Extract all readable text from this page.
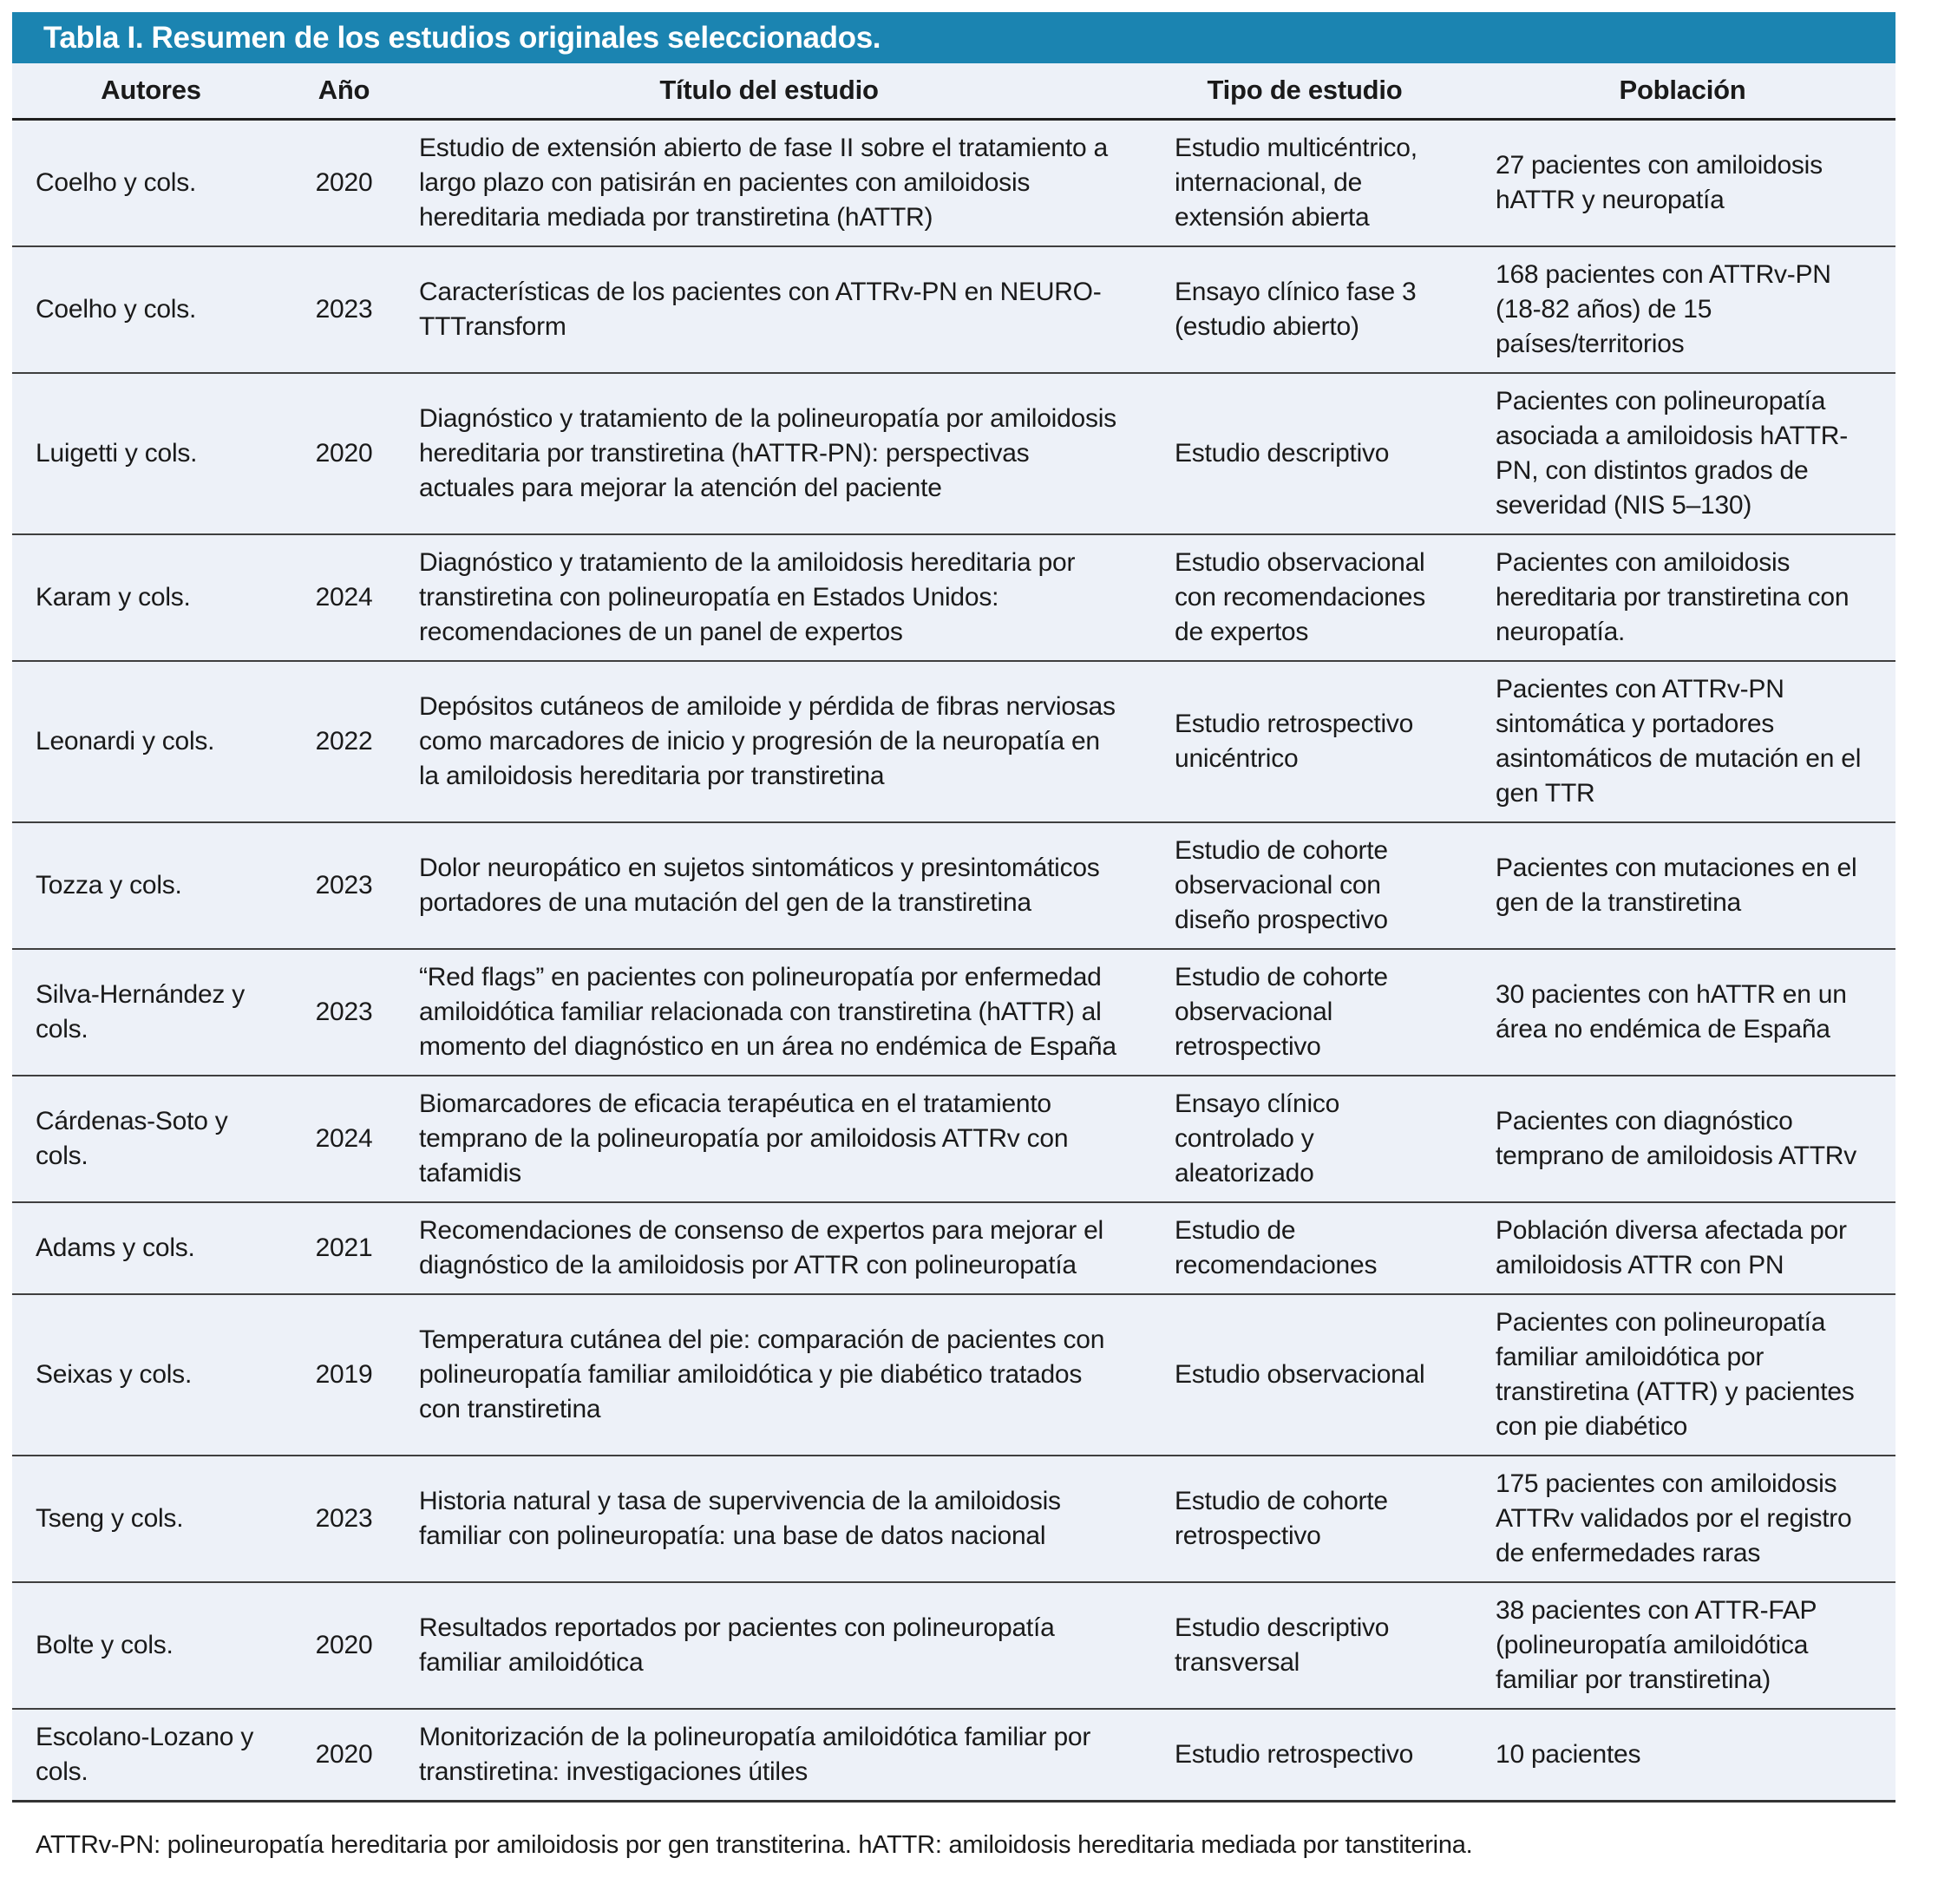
Tabla I. Resumen de los estudios originales seleccionados.
Autores	Año	Título del estudio	Tipo de estudio	Población
Coelho y cols.	2020	Estudio de extensión abierto de fase II sobre el tratamiento a largo plazo con patisirán en pacientes con amiloidosis hereditaria mediada por transtiretina (hATTR)	Estudio multicéntrico, internacional, de extensión abierta	27 pacientes con amiloidosis hATTR y neuropatía
Coelho y cols.	2023	Características de los pacientes con ATTRv-PN en NEURO-TTTransform	Ensayo clínico fase 3 (estudio abierto)	168 pacientes con ATTRv-PN (18-82 años) de 15 países/territorios
Luigetti y cols.	2020	Diagnóstico y tratamiento de la polineuropatía por amiloidosis hereditaria por transtiretina (hATTR-PN): perspectivas actuales para mejorar la atención del paciente	Estudio descriptivo	Pacientes con polineuropatía asociada a amiloidosis hATTR-PN, con distintos grados de severidad (NIS 5–130)
Karam y cols.	2024	Diagnóstico y tratamiento de la amiloidosis hereditaria por transtiretina con polineuropatía en Estados Unidos: recomendaciones de un panel de expertos	Estudio observacional con recomendaciones de expertos	Pacientes con amiloidosis hereditaria por transtiretina con neuropatía.
Leonardi y cols.	2022	Depósitos cutáneos de amiloide y pérdida de fibras nerviosas como marcadores de inicio y progresión de la neuropatía en la amiloidosis hereditaria por transtiretina	Estudio retrospectivo unicéntrico	Pacientes con ATTRv-PN sintomática y portadores asintomáticos de mutación en el gen TTR
Tozza y cols.	2023	Dolor neuropático en sujetos sintomáticos y presintomáticos portadores de una mutación del gen de la transtiretina	Estudio de cohorte observacional con diseño prospectivo	Pacientes con mutaciones en el gen de la transtiretina
Silva-Hernández y cols.	2023	“Red flags” en pacientes con polineuropatía por enfermedad amiloidótica familiar relacionada con transtiretina (hATTR) al momento del diagnóstico en un área no endémica de España	Estudio de cohorte observacional retrospectivo	30 pacientes con hATTR en un área no endémica de España
Cárdenas-Soto y cols.	2024	Biomarcadores de eficacia terapéutica en el tratamiento temprano de la polineuropatía por amiloidosis ATTRv con tafamidis	Ensayo clínico controlado y aleatorizado	Pacientes con diagnóstico temprano de amiloidosis ATTRv
Adams y cols.	2021	Recomendaciones de consenso de expertos para mejorar el diagnóstico de la amiloidosis por ATTR con polineuropatía	Estudio de recomendaciones	Población diversa afectada por amiloidosis ATTR con PN
Seixas y cols.	2019	Temperatura cutánea del pie: comparación de pacientes con polineuropatía familiar amiloidótica y pie diabético tratados con transtiretina	Estudio observacional	Pacientes con polineuropatía familiar amiloidótica por transtiretina (ATTR) y pacientes con pie diabético
Tseng y cols.	2023	Historia natural y tasa de supervivencia de la amiloidosis familiar con polineuropatía: una base de datos nacional	Estudio de cohorte retrospectivo	175 pacientes con amiloidosis ATTRv validados por el registro de enfermedades raras
Bolte y cols.	2020	Resultados reportados por pacientes con polineuropatía familiar amiloidótica	Estudio descriptivo transversal	38 pacientes con ATTR-FAP (polineuropatía amiloidótica familiar por transtiretina)
Escolano-Lozano y cols.	2020	Monitorización de la polineuropatía amiloidótica familiar por transtiretina: investigaciones útiles	Estudio retrospectivo	10 pacientes

ATTRv-PN: polineuropatía hereditaria por amiloidosis por gen transtiterina. hATTR: amiloidosis hereditaria mediada por tanstiterina.
